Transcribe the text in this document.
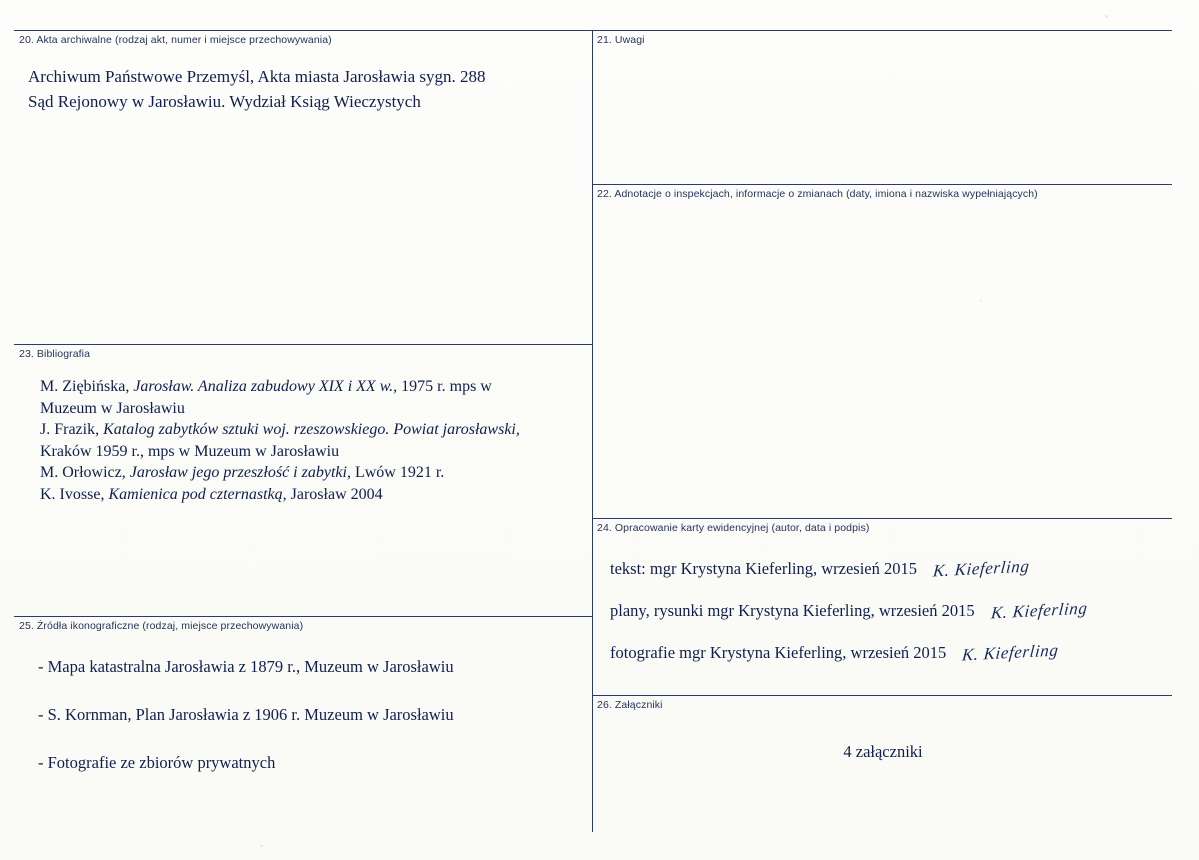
20. Akta archiwalne (rodzaj akt, numer i miejsce przechowywania)
Archiwum Państwowe Przemyśl, Akta miasta Jarosławia sygn. 288
Sąd Rejonowy w Jarosławiu. Wydział Ksiąg Wieczystych
23. Bibliografia
M. Ziębińska, Jarosław. Analiza zabudowy XIX i XX w., 1975 r. mps w
Muzeum w Jarosławiu
J. Frazik, Katalog zabytków sztuki woj. rzeszowskiego. Powiat jarosławski,
Kraków 1959 r., mps w Muzeum w Jarosławiu
M. Orłowicz, Jarosław jego przeszłość i zabytki, Lwów 1921 r.
K. Ivosse, Kamienica pod czternastką, Jarosław 2004
25. Źródła ikonograficzne (rodzaj, miejsce przechowywania)
- Mapa katastralna Jarosławia z 1879 r., Muzeum w Jarosławiu
- S. Kornman, Plan Jarosławia z 1906 r. Muzeum w Jarosławiu
- Fotografie ze zbiorów prywatnych
21. Uwagi
22. Adnotacje o inspekcjach, informacje o zmianach (daty, imiona i nazwiska wypełniających)
24. Opracowanie karty ewidencyjnej (autor, data i podpis)
tekst: mgr Krystyna Kieferling, wrzesień 2015 K. Kieferling
plany, rysunki mgr Krystyna Kieferling, wrzesień 2015 K. Kieferling
fotografie mgr Krystyna Kieferling, wrzesień 2015 K. Kieferling
26. Załączniki
4 załączniki
